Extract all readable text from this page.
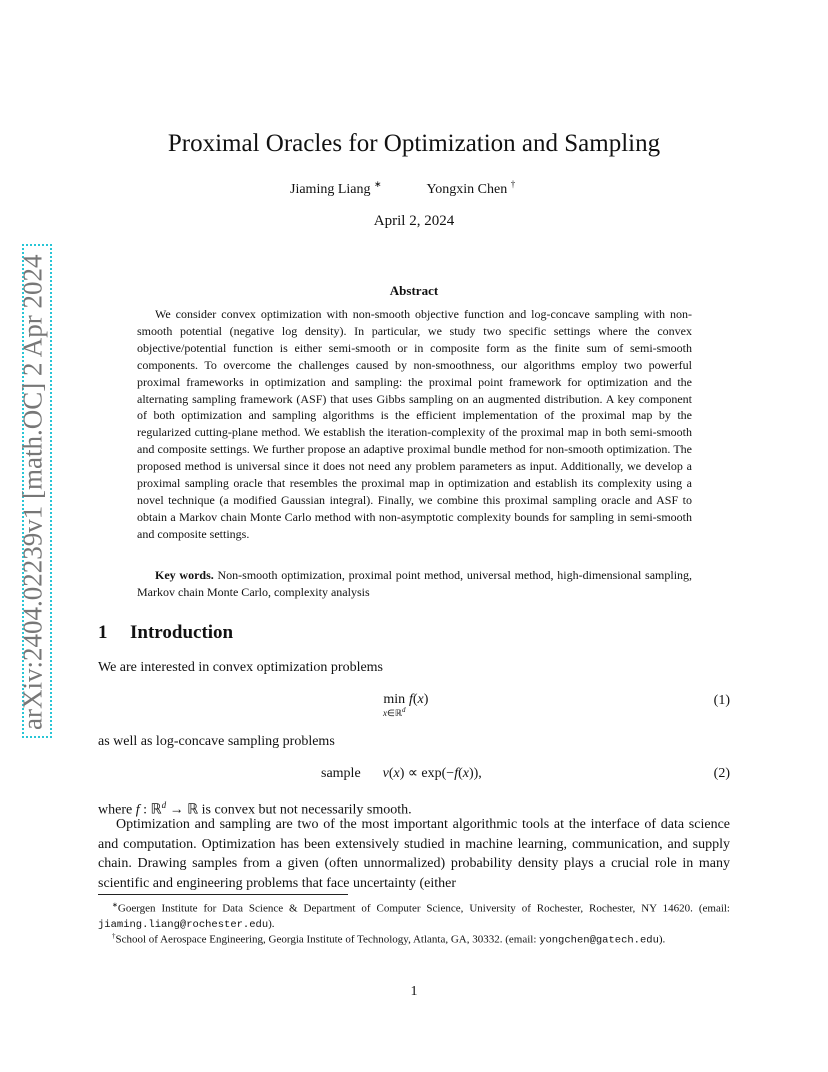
arXiv:2404.02239v1 [math.OC] 2 Apr 2024
Proximal Oracles for Optimization and Sampling
Jiaming Liang ∗	Yongxin Chen †
April 2, 2024
Abstract
We consider convex optimization with non-smooth objective function and log-concave sampling with non-smooth potential (negative log density). In particular, we study two specific settings where the convex objective/potential function is either semi-smooth or in composite form as the finite sum of semi-smooth components. To overcome the challenges caused by non-smoothness, our algorithms employ two powerful proximal frameworks in optimization and sampling: the proximal point framework for optimization and the alternating sampling framework (ASF) that uses Gibbs sampling on an augmented distribution. A key component of both optimization and sampling algorithms is the efficient implementation of the proximal map by the regularized cutting-plane method. We establish the iteration-complexity of the proximal map in both semi-smooth and composite settings. We further propose an adaptive proximal bundle method for non-smooth optimization. The proposed method is universal since it does not need any problem parameters as input. Additionally, we develop a proximal sampling oracle that resembles the proximal map in optimization and establish its complexity using a novel technique (a modified Gaussian integral). Finally, we combine this proximal sampling oracle and ASF to obtain a Markov chain Monte Carlo method with non-asymptotic complexity bounds for sampling in semi-smooth and composite settings.
Key words. Non-smooth optimization, proximal point method, universal method, high-dimensional sampling, Markov chain Monte Carlo, complexity analysis
1 Introduction
We are interested in convex optimization problems
min
x∈ℝ$^d$
f(x)	(1)
as well as log-concave sampling problems
sample ν(x) ∝ exp(−f(x)),	(2)
where f : ℝ$^d$ → ℝ is convex but not necessarily smooth.
Optimization and sampling are two of the most important algorithmic tools at the interface of data science and computation. Optimization has been extensively studied in machine learning, communication, and supply chain. Drawing samples from a given (often unnormalized) probability density plays a crucial role in many scientific and engineering problems that face uncertainty (either
∗Goergen Institute for Data Science & Department of Computer Science, University of Rochester, Rochester, NY 14620. (email: jiaming.liang@rochester.edu).
†School of Aerospace Engineering, Georgia Institute of Technology, Atlanta, GA, 30332. (email: yongchen@gatech.edu).
1
